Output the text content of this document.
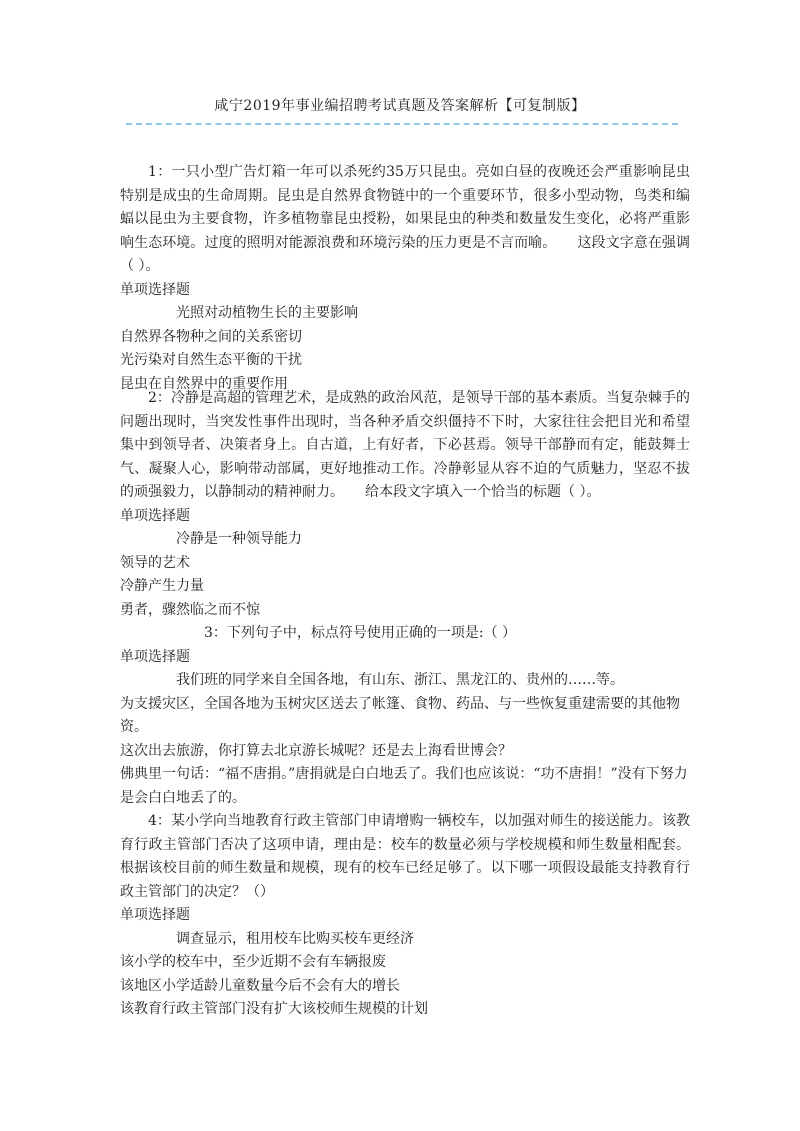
咸宁2019年事业编招聘考试真题及答案解析【可复制版】

1：一只小型广告灯箱一年可以杀死约35万只昆虫。亮如白昼的夜晚还会严重影响昆虫特别是成虫的生命周期。昆虫是自然界食物链中的一个重要环节，很多小型动物，鸟类和编蝠以昆虫为主要食物，许多植物靠昆虫授粉，如果昆虫的种类和数量发生变化，必将严重影响生态环境。过度的照明对能源浪费和环境污染的压力更是不言而喻。　　这段文字意在强调（ ）。

单项选择题

光照对动植物生长的主要影响

自然界各物种之间的关系密切

光污染对自然生态平衡的干扰

昆虫在自然界中的重要作用

2：冷静是高超的管理艺术，是成熟的政治风范，是领导干部的基本素质。当复杂棘手的问题出现时，当突发性事件出现时，当各种矛盾交织僵持不下时，大家往往会把目光和希望集中到领导者、决策者身上。自古道，上有好者，下必甚焉。领导干部静而有定，能鼓舞士气、凝聚人心，影响带动部属，更好地推动工作。冷静彰显从容不迫的气质魅力，坚忍不拔的顽强毅力，以静制动的精神耐力。　　给本段文字填入一个恰当的标题（ ）。

单项选择题

冷静是一种领导能力

领导的艺术

冷静产生力量

勇者，骤然临之而不惊

3：下列句子中，标点符号使用正确的一项是:（ ）

单项选择题

我们班的同学来自全国各地，有山东、浙江、黑龙江的、贵州的……等。

为支援灾区，全国各地为玉树灾区送去了帐篷、食物、药品、与一些恢复重建需要的其他物资。

这次出去旅游，你打算去北京游长城呢？还是去上海看世博会？

佛典里一句话：“福不唐捐。”唐捐就是白白地丢了。我们也应该说：“功不唐捐！”没有下努力是会白白地丢了的。

4：某小学向当地教育行政主管部门申请增购一辆校车，以加强对师生的接送能力。该教育行政主管部门否决了这项申请，理由是：校车的数量必须与学校规模和师生数量相配套。根据该校目前的师生数量和规模，现有的校车已经足够了。以下哪一项假设最能支持教育行政主管部门的决定？（）

单项选择题

调查显示，租用校车比购买校车更经济

该小学的校车中，至少近期不会有车辆报废

该地区小学适龄儿童数量今后不会有大的增长

该教育行政主管部门没有扩大该校师生规模的计划
